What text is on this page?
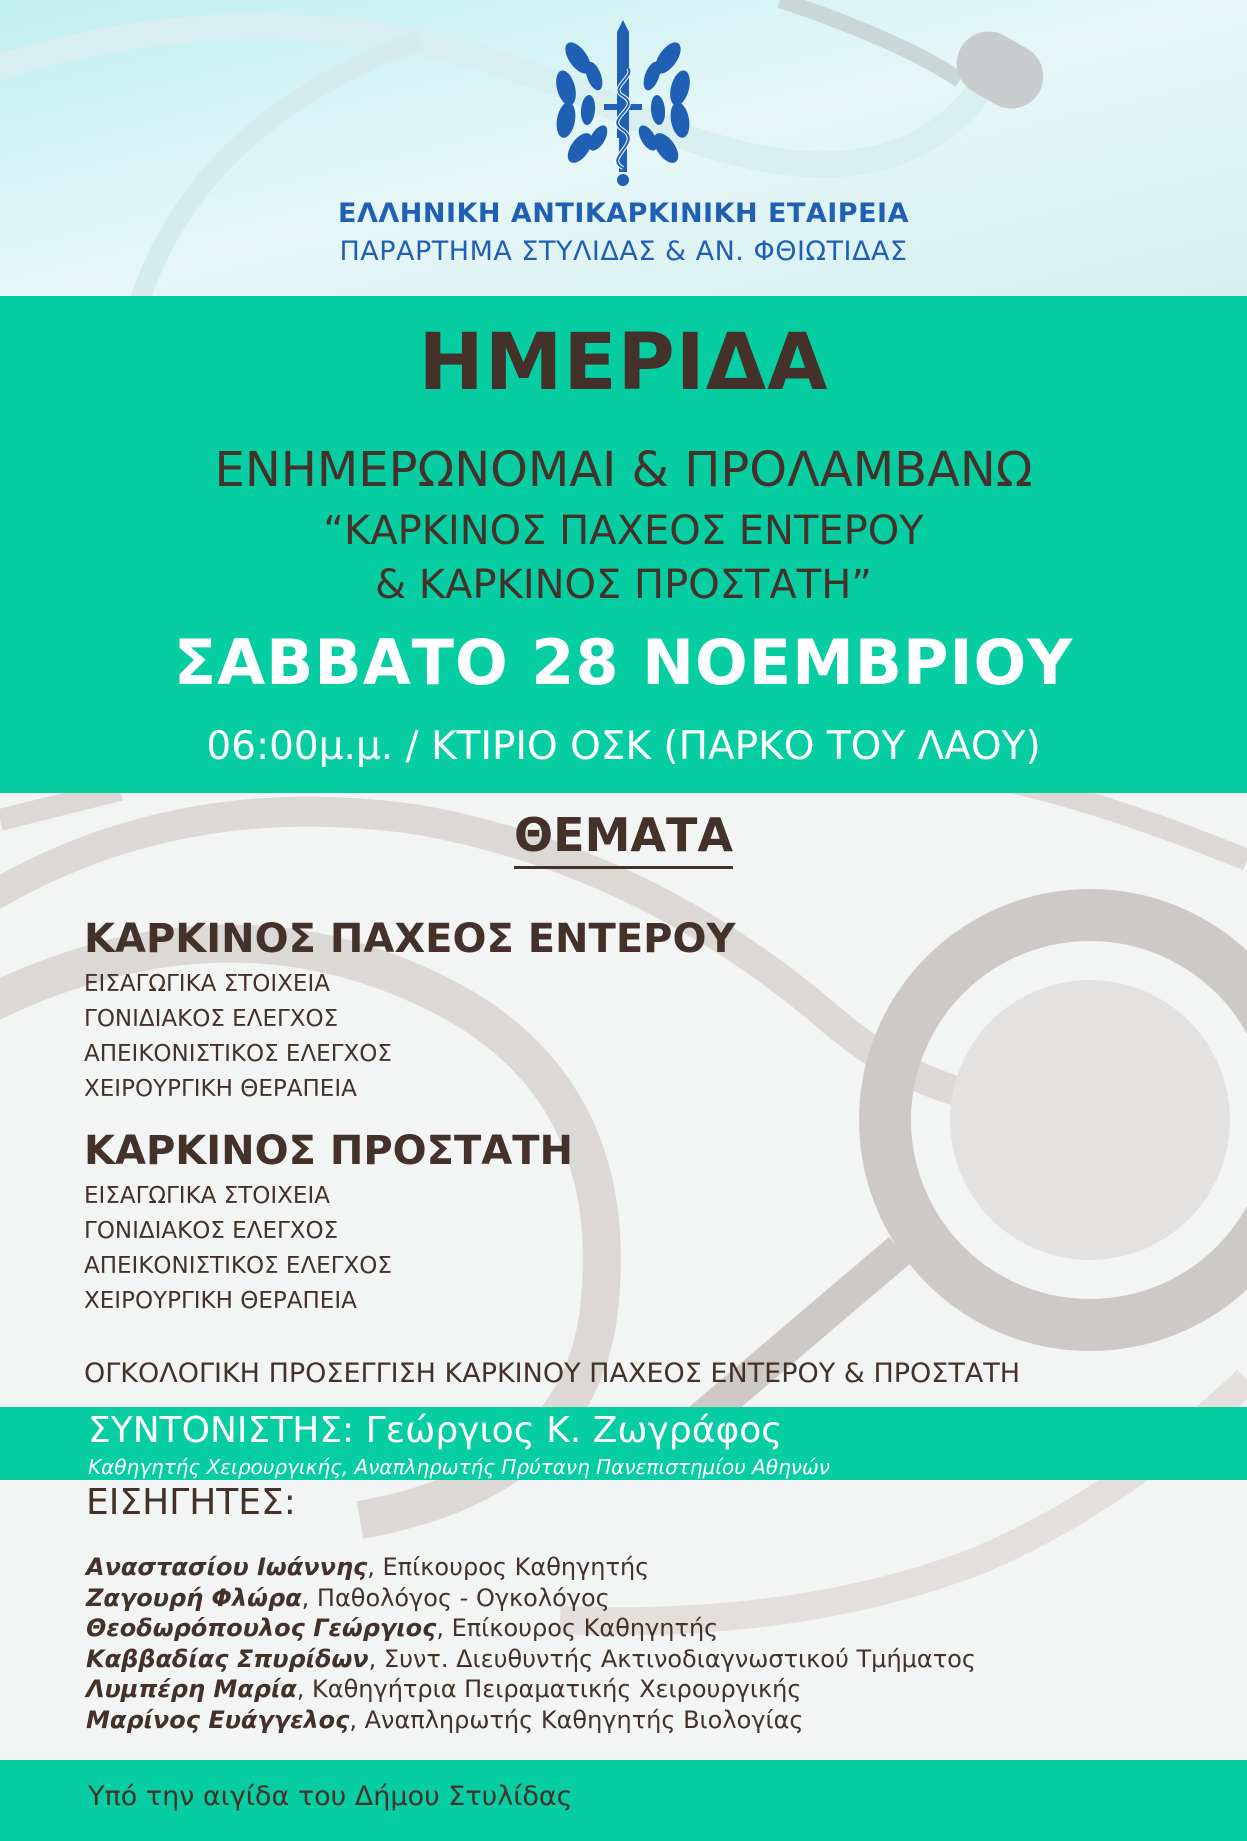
ΕΛΛΗΝΙΚΗ ΑΝΤΙΚΑΡΚΙΝΙΚΗ ΕΤΑΙΡΕΙΑ
ΠΑΡΑΡΤΗΜΑ ΣΤΥΛΙΔΑΣ & ΑΝ. ΦΘΙΩΤΙΔΑΣ
ΗΜΕΡΙΔΑ
ΕΝΗΜΕΡΩΝΟΜΑΙ & ΠΡΟΛΑΜΒΑΝΩ
“ΚΑΡΚΙΝΟΣ ΠΑΧΕΟΣ ΕΝΤΕΡΟΥ
& ΚΑΡΚΙΝΟΣ ΠΡΟΣΤΑΤΗ”
ΣΑΒΒΑΤΟ 28 ΝΟΕΜΒΡΙΟΥ
06:00μ.μ. / ΚΤΙΡΙΟ ΟΣΚ (ΠΑΡΚΟ ΤΟΥ ΛΑΟΥ)
ΘΕΜΑΤΑ
ΚΑΡΚΙΝΟΣ ΠΑΧΕΟΣ ΕΝΤΕΡΟΥ
ΕΙΣΑΓΩΓΙΚΑ ΣΤΟΙΧΕΙΑ
ΓΟΝΙΔΙΑΚΟΣ ΕΛΕΓΧΟΣ
ΑΠΕΙΚΟΝΙΣΤΙΚΟΣ ΕΛΕΓΧΟΣ
ΧΕΙΡΟΥΡΓΙΚΗ ΘΕΡΑΠΕΙΑ
ΚΑΡΚΙΝΟΣ ΠΡΟΣΤΑΤΗ
ΕΙΣΑΓΩΓΙΚΑ ΣΤΟΙΧΕΙΑ
ΓΟΝΙΔΙΑΚΟΣ ΕΛΕΓΧΟΣ
ΑΠΕΙΚΟΝΙΣΤΙΚΟΣ ΕΛΕΓΧΟΣ
ΧΕΙΡΟΥΡΓΙΚΗ ΘΕΡΑΠΕΙΑ
ΟΓΚΟΛΟΓΙΚΗ ΠΡΟΣΕΓΓΙΣΗ ΚΑΡΚΙΝΟΥ ΠΑΧΕΟΣ ΕΝΤΕΡΟΥ & ΠΡΟΣΤΑΤΗ
ΣΥΝΤΟΝΙΣΤΗΣ: Γεώργιος Κ. Ζωγράφος
Καθηγητής Χειρουργικής, Αναπληρωτής Πρύτανη Πανεπιστημίου Αθηνών
ΕΙΣΗΓΗΤΕΣ:
Αναστασίου Ιωάννης, Επίκουρος Καθηγητής
Ζαγουρή Φλώρα, Παθολόγος - Ογκολόγος
Θεοδωρόπουλος Γεώργιος, Επίκουρος Καθηγητής
Καββαδίας Σπυρίδων, Συντ. Διευθυντής Ακτινοδιαγνωστικού Τμήματος
Λυμπέρη Μαρία, Καθηγήτρια Πειραματικής Χειρουργικής
Μαρίνος Ευάγγελος, Αναπληρωτής Καθηγητής Βιολογίας
Υπό την αιγίδα του Δήμου Στυλίδας
